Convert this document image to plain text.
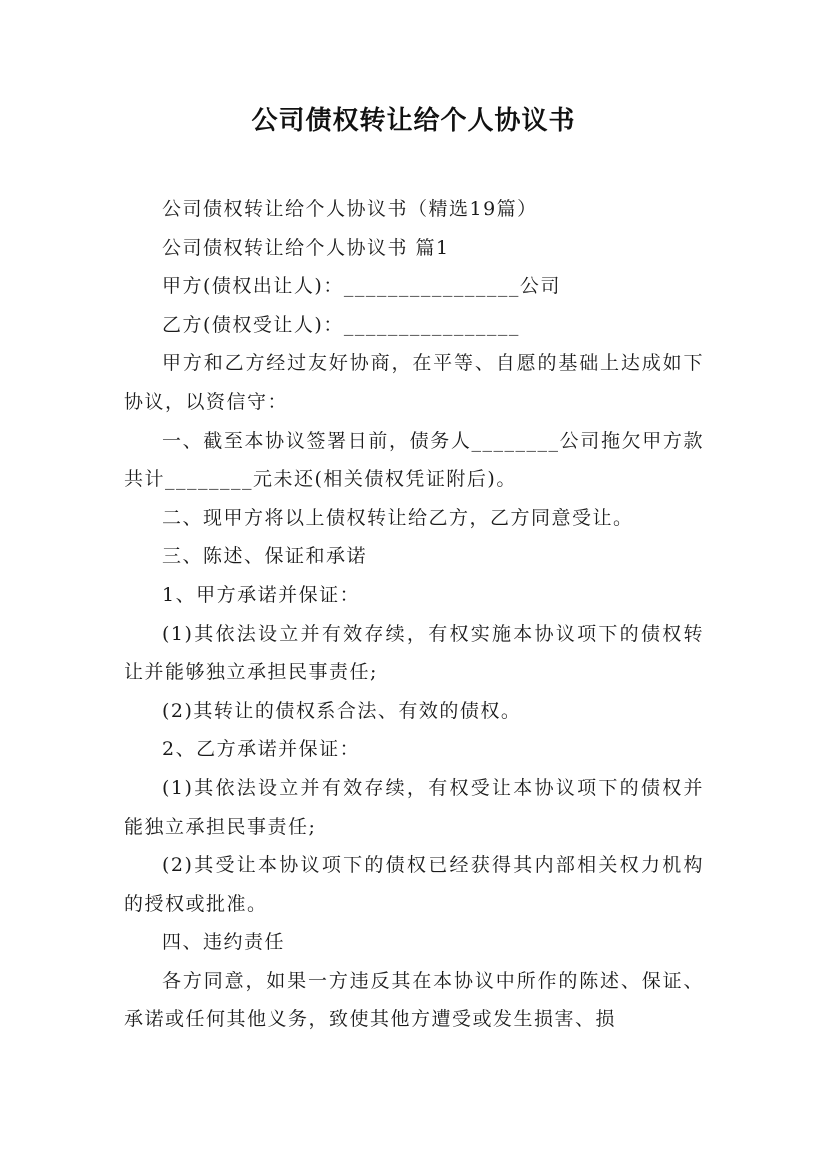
公司债权转让给个人协议书

公司债权转让给个人协议书（精选19篇）

公司债权转让给个人协议书 篇1

甲方(债权出让人)：________________公司

乙方(债权受让人)：________________

甲方和乙方经过友好协商，在平等、自愿的基础上达成如下协议，以资信守：

一、截至本协议签署日前，债务人________公司拖欠甲方款共计________元未还(相关债权凭证附后)。

二、现甲方将以上债权转让给乙方，乙方同意受让。

三、陈述、保证和承诺

1、甲方承诺并保证：

(1)其依法设立并有效存续，有权实施本协议项下的债权转让并能够独立承担民事责任;

(2)其转让的债权系合法、有效的债权。

2、乙方承诺并保证：

(1)其依法设立并有效存续，有权受让本协议项下的债权并能独立承担民事责任;

(2)其受让本协议项下的债权已经获得其内部相关权力机构的授权或批准。

四、违约责任

各方同意，如果一方违反其在本协议中所作的陈述、保证、承诺或任何其他义务，致使其他方遭受或发生损害、损
